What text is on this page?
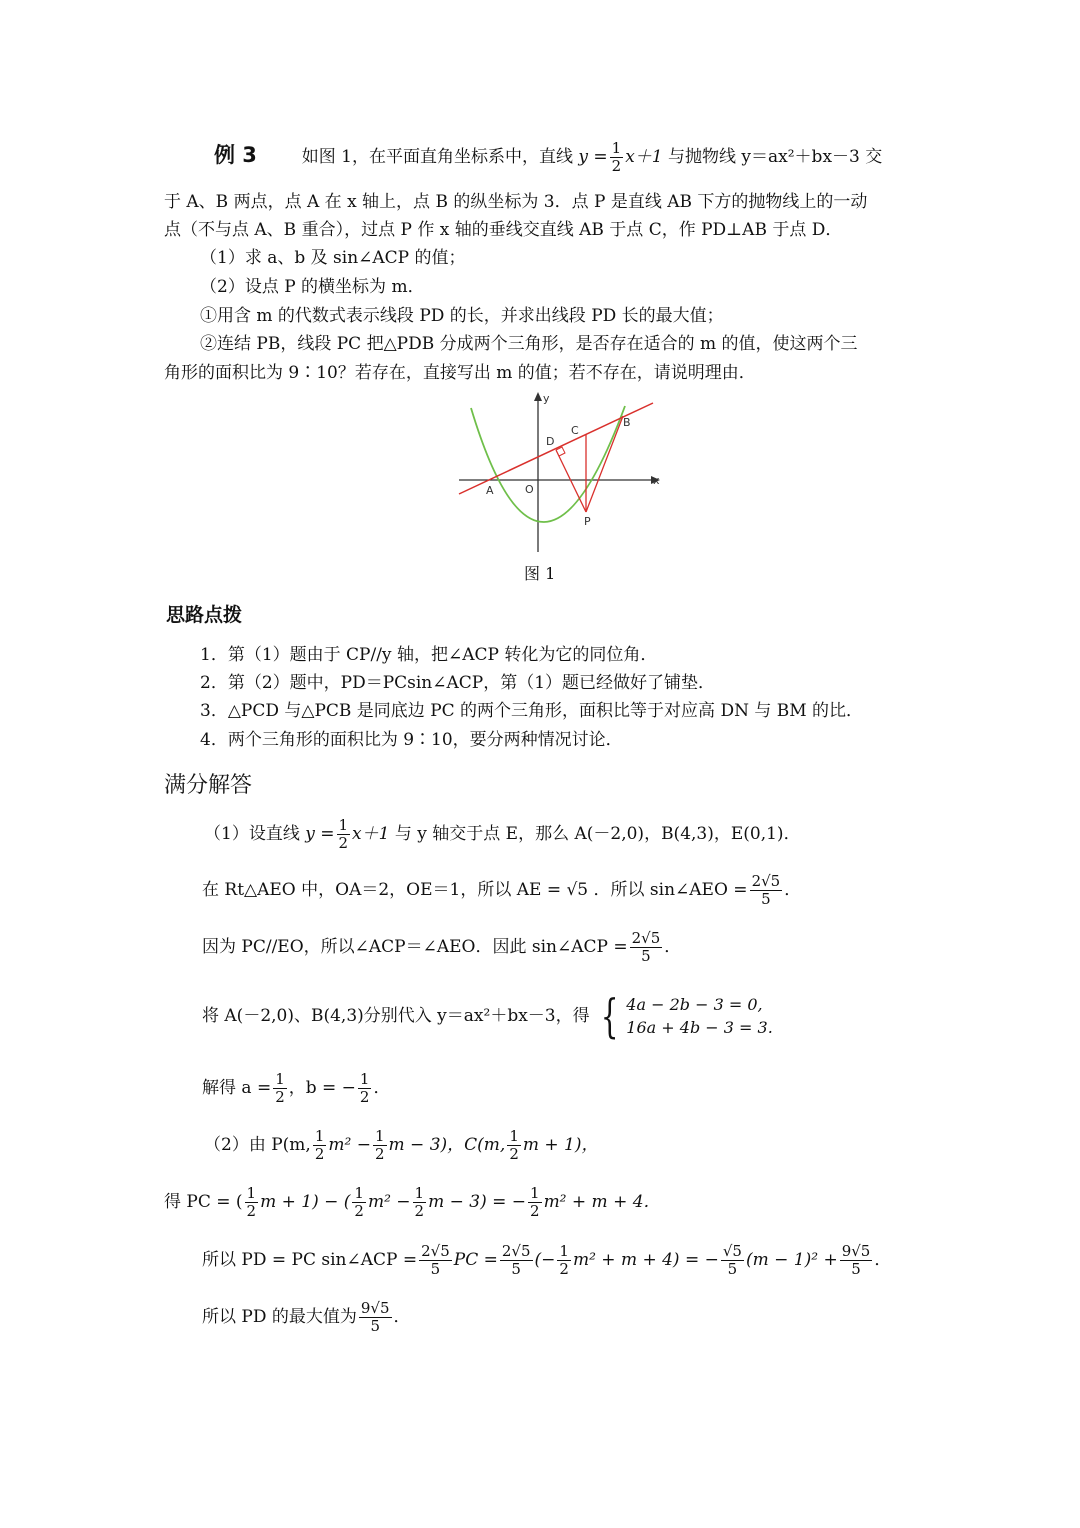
例 3	如图 1，在平面直角坐标系中，直线 $y = \frac{1}{2} x+1$ 与抛物线 y＝ax²＋bx－3 交
于 A、B 两点，点 A 在 x 轴上，点 B 的纵坐标为 3．点 P 是直线 AB 下方的抛物线上的一动
点（不与点 A、B 重合），过点 P 作 x 轴的垂线交直线 AB 于点 C，作 PD⊥AB 于点 D．
（1）求 a、b 及 sin∠ACP 的值；
（2）设点 P 的横坐标为 m．
①用含 m 的代数式表示线段 PD 的长，并求出线段 PD 长的最大值；
②连结 PB，线段 PC 把△PDB 分成两个三角形，是否存在适合的 m 的值，使这两个三
角形的面积比为 9∶10？若存在，直接写出 m 的值；若不存在，请说明理由．
y
x
A	O
B
C
D
P
图 1
思路点拨
1．第（1）题由于 CP//y 轴，把∠ACP 转化为它的同位角．
2．第（2）题中，PD＝PCsin∠ACP，第（1）题已经做好了铺垫．
3．△PCD 与△PCB 是同底边 PC 的两个三角形，面积比等于对应高 DN 与 BM 的比．
4．两个三角形的面积比为 9∶10，要分两种情况讨论．
满分解答
（1）设直线 $y = \frac{1}{2} x+1$ 与 y 轴交于点 E，那么 A(－2,0)，B(4,3)，E(0,1)．
在 Rt△AEO 中，OA＝2，OE＝1，所以 AE = √5 ．所以 sin∠AEO = $\frac{2√5}{5}$ ．
因为 PC//EO，所以∠ACP＝∠AEO．因此 sin∠ACP = $\frac{2√5}{5}$ ．
将 A(－2,0)、B(4,3)分别代入 y＝ax²＋bx－3，得 { 4a − 2b − 3 = 0,
16a + 4b − 3 = 3.
解得 $a = \frac{1}{2}$ ，b = − $\frac{1}{2}$ ．
（2）由 P(m, $\frac{1}{2} m^2 - \frac{1}{2}$ m − 3)，C(m, $\frac{1}{2}$ m + 1)，
得 PC = ( $\frac{1}{2}$ m + 1) − ( $\frac{1}{2} m^2 - \frac{1}{2}$ m − 3) = − $\frac{1}{2} m^2 + m + 4$．
所以 PD = PC sin∠ACP = $\frac{2√5}{5}$ PC = $\frac{2√5}{5}$ (− $\frac{1}{2} m^2 + m + 4$) = − $\frac{√5}{5} (m - 1)^2 + \frac{9√5}{5}$ ．
所以 PD 的最大值为 $\frac{9√5}{5}$ ．
